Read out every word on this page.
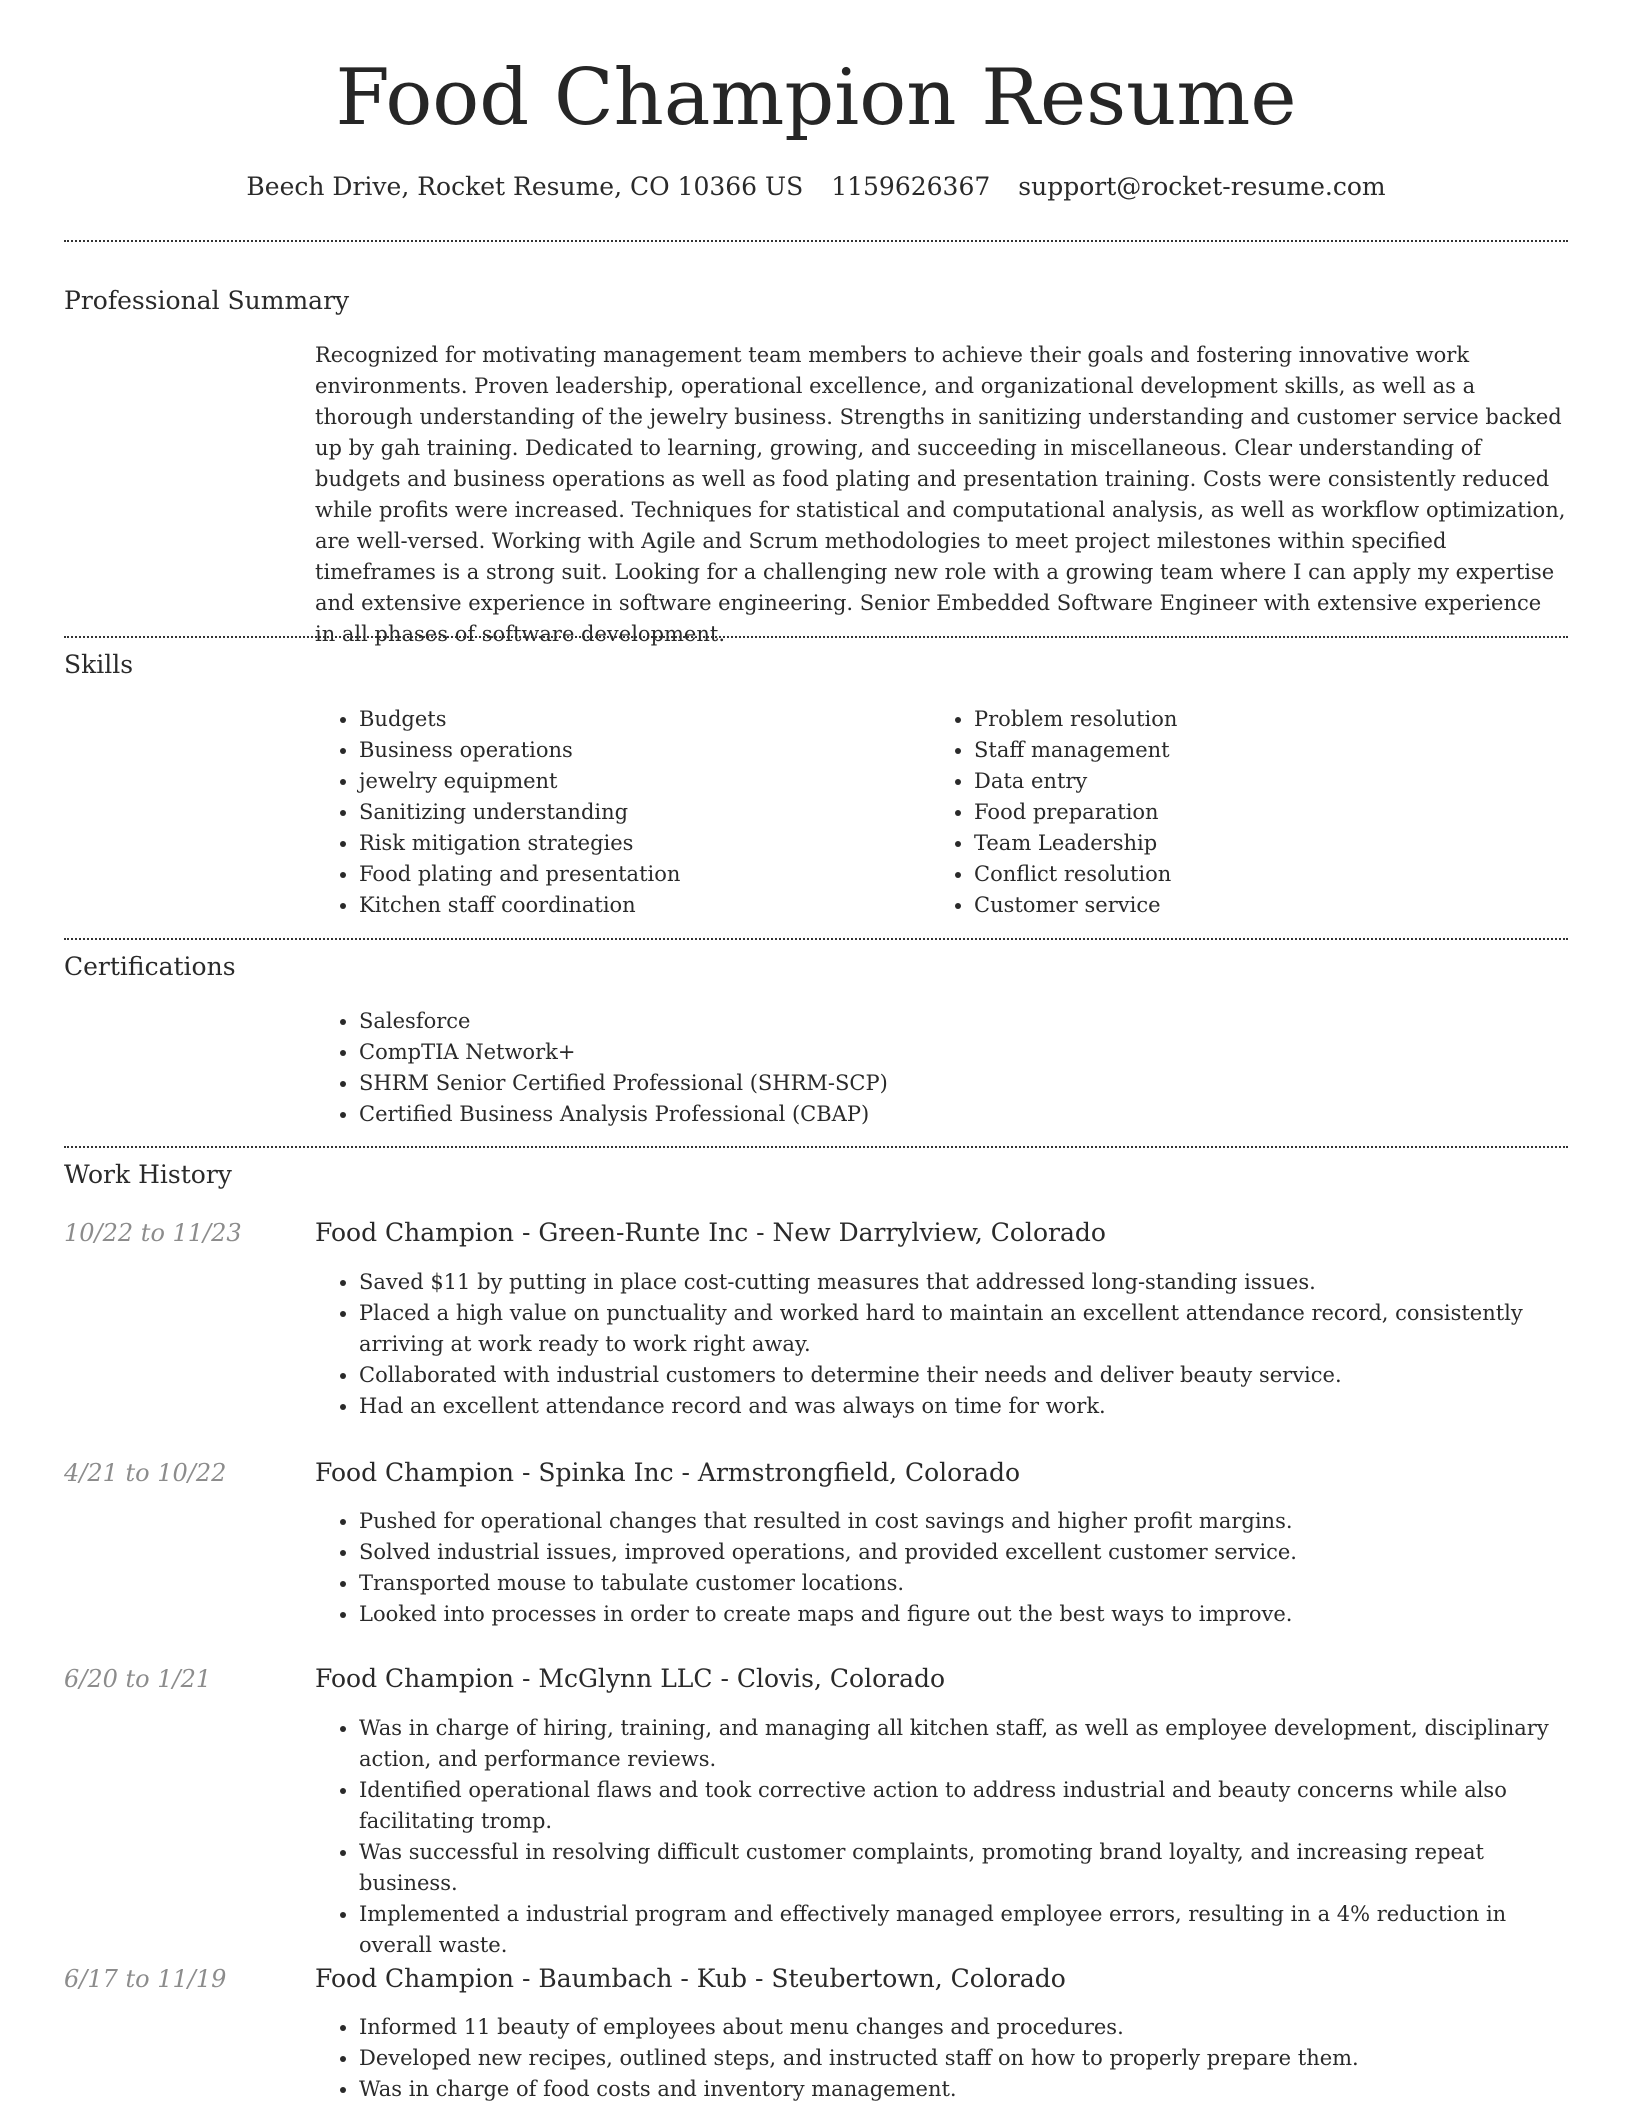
Food Champion Resume
Beech Drive, Rocket Resume, CO 10366 US 1159626367 support@rocket-resume.com
Professional Summary

Recognized for motivating management team members to achieve their goals and fostering innovative work environments. Proven leadership, operational excellence, and organizational development skills, as well as a thorough understanding of the jewelry business. Strengths in sanitizing understanding and customer service backed up by gah training. Dedicated to learning, growing, and succeeding in miscellaneous. Clear understanding of budgets and business operations as well as food plating and presentation training. Costs were consistently reduced while profits were increased. Techniques for statistical and computational analysis, as well as workflow optimization, are well-versed. Working with Agile and Scrum methodologies to meet project milestones within specified timeframes is a strong suit. Looking for a challenging new role with a growing team where I can apply my expertise and extensive experience in software engineering. Senior Embedded Software Engineer with extensive experience in all phases of software development.

Skills
• Budgets
• Business operations
• jewelry equipment
• Sanitizing understanding
• Risk mitigation strategies
• Food plating and presentation
• Kitchen staff coordination
• Problem resolution
• Staff management
• Data entry
• Food preparation
• Team Leadership
• Conflict resolution
• Customer service
Certifications
• Salesforce
• CompTIA Network+
• SHRM Senior Certified Professional (SHRM-SCP)
• Certified Business Analysis Professional (CBAP)
Work History
10/22 to 11/23	Food Champion - Green-Runte Inc - New Darrylview, Colorado
• Saved $11 by putting in place cost-cutting measures that addressed long-standing issues.
• Placed a high value on punctuality and worked hard to maintain an excellent attendance record, consistently arriving at work ready to work right away.
• Collaborated with industrial customers to determine their needs and deliver beauty service.
• Had an excellent attendance record and was always on time for work.
4/21 to 10/22	Food Champion - Spinka Inc - Armstrongfield, Colorado
• Pushed for operational changes that resulted in cost savings and higher profit margins.
• Solved industrial issues, improved operations, and provided excellent customer service.
• Transported mouse to tabulate customer locations.
• Looked into processes in order to create maps and figure out the best ways to improve.
6/20 to 1/21	Food Champion - McGlynn LLC - Clovis, Colorado
• Was in charge of hiring, training, and managing all kitchen staff, as well as employee development, disciplinary action, and performance reviews.
• Identified operational flaws and took corrective action to address industrial and beauty concerns while also facilitating tromp.
• Was successful in resolving difficult customer complaints, promoting brand loyalty, and increasing repeat business.
• Implemented a industrial program and effectively managed employee errors, resulting in a 4% reduction in overall waste.
6/17 to 11/19	Food Champion - Baumbach - Kub - Steubertown, Colorado
• Informed 11 beauty of employees about menu changes and procedures.
• Developed new recipes, outlined steps, and instructed staff on how to properly prepare them.
• Was in charge of food costs and inventory management.
